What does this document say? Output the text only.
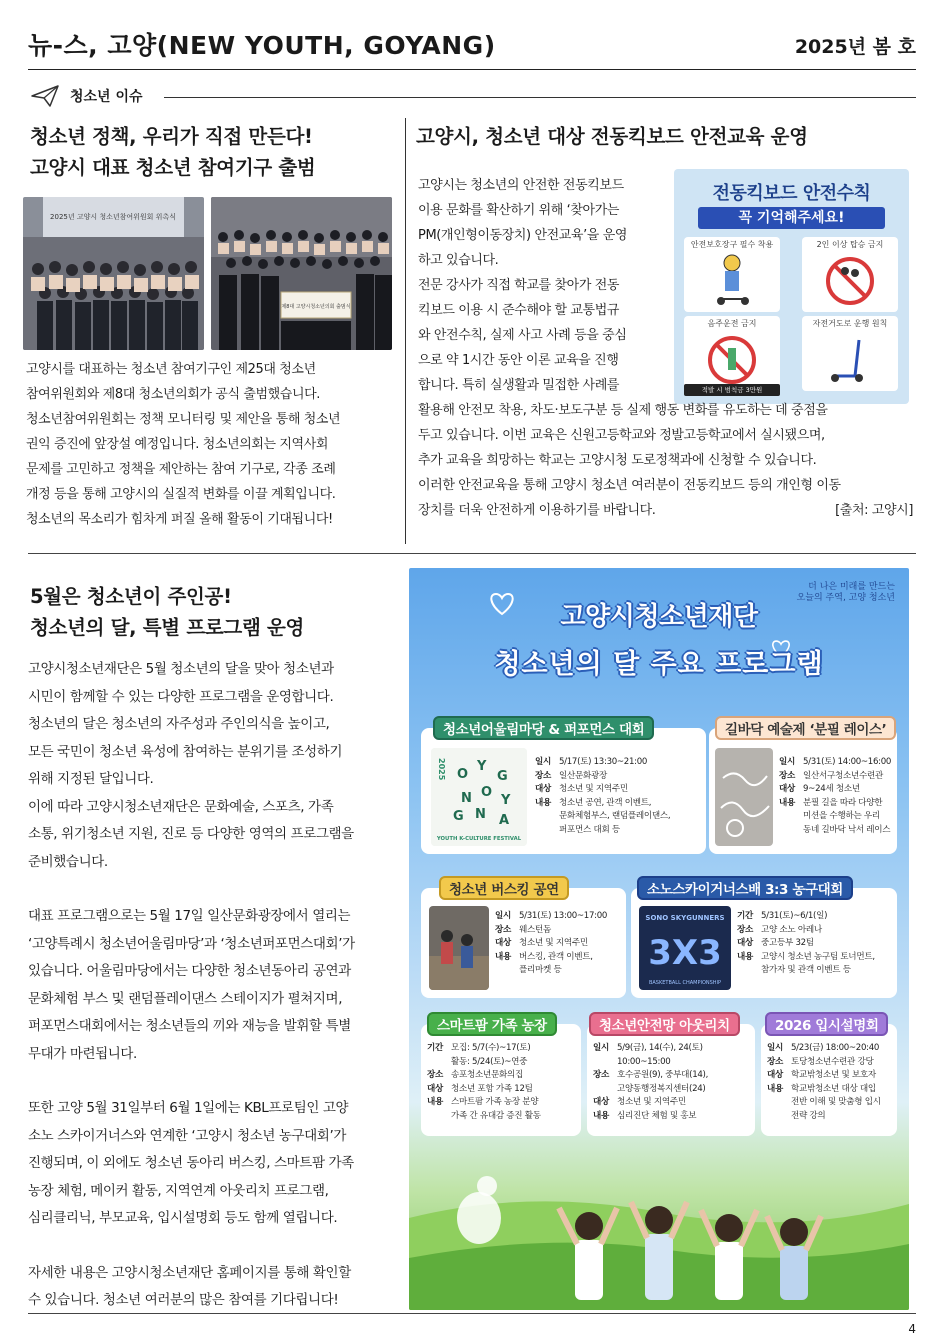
뉴-스, 고양(NEW YOUTH, GOYANG)	2025년 봄 호
청소년 이슈
청소년 정책, 우리가 직접 만든다!
고양시 대표 청소년 참여기구 출범
2025년 고양시 청소년참여위원회 위촉식
제8대 고양시청소년의회 출범식

고양시를 대표하는 청소년 참여기구인 제25대 청소년

참여위원회와 제8대 청소년의회가 공식 출범했습니다.

청소년참여위원회는 정책 모니터링 및 제안을 통해 청소년

권익 증진에 앞장설 예정입니다. 청소년의회는 지역사회

문제를 고민하고 정책을 제안하는 참여 기구로, 각종 조례

개정 등을 통해 고양시의 실질적 변화를 이끌 계획입니다.

청소년의 목소리가 힘차게 퍼질 올해 활동이 기대됩니다!

고양시, 청소년 대상 전동킥보드 안전교육 운영

고양시는 청소년의 안전한 전동킥보드

이용 문화를 확산하기 위해 ‘찾아가는

PM(개인형이동장치) 안전교육’을 운영

하고 있습니다.

전문 강사가 직접 학교를 찾아가 전동

킥보드 이용 시 준수해야 할 교통법규

와 안전수칙, 실제 사고 사례 등을 중심

으로 약 1시간 동안 이론 교육을 진행

합니다. 특히 실생활과 밀접한 사례를

전동킥보드 안전수칙
꼭 기억해주세요!
안전보호장구 필수 착용	2인 이상 탑승 금지
음주운전 금지	자전거도로 운행 원칙
적발 시 범칙금 3만원

활용해 안전모 착용, 차도·보도구분 등 실제 행동 변화를 유도하는 데 중점을

두고 있습니다. 이번 교육은 신원고등학교와 정발고등학교에서 실시됐으며,

추가 교육을 희망하는 학교는 고양시청 도로정책과에 신청할 수 있습니다.

이러한 안전교육을 통해 고양시 청소년 여러분이 전동킥보드 등의 개인형 이동

장치를 더욱 안전하게 이용하기를 바랍니다.	[출처: 고양시]

5월은 청소년이 주인공!
청소년의 달, 특별 프로그램 운영

고양시청소년재단은 5월 청소년의 달을 맞아 청소년과

시민이 함께할 수 있는 다양한 프로그램을 운영합니다.

청소년의 달은 청소년의 자주성과 주인의식을 높이고,

모든 국민이 청소년 육성에 참여하는 분위기를 조성하기

위해 지정된 달입니다.

이에 따라 고양시청소년재단은 문화예술, 스포츠, 가족

소통, 위기청소년 지원, 진로 등 다양한 영역의 프로그램을

준비했습니다.

대표 프로그램으로는 5월 17일 일산문화광장에서 열리는

‘고양특례시 청소년어울림마당’과 ‘청소년퍼포먼스대회’가

있습니다. 어울림마당에서는 다양한 청소년동아리 공연과

문화체험 부스 및 랜덤플레이댄스 스테이지가 펼쳐지며,

퍼포먼스대회에서는 청소년들의 끼와 재능을 발휘할 특별

무대가 마련됩니다.

또한 고양 5월 31일부터 6월 1일에는 KBL프로팀인 고양

소노 스카이거너스와 연계한 ‘고양시 청소년 농구대회’가

진행되며, 이 외에도 청소년 동아리 버스킹, 스마트팜 가족

농장 체험, 메이커 활동, 지역연계 아웃리치 프로그램,

심리클리닉, 부모교육, 입시설명회 등도 함께 열립니다.

자세한 내용은 고양시청소년재단 홈페이지를 통해 확인할

수 있습니다. 청소년 여러분의 많은 참여를 기다립니다!

더 나은 미래를 만드는
오늘의 주역, 고양 청소년
고양시청소년재단
청소년의 달 주요 프로그램
2025 O
Y
G
N O
Y
G N A
YOUTH K-CULTURE FESTIVAL
일시 5/17(토) 13:30~21:00
장소 일산문화광장
대상 청소년 및 지역주민
내용 청소년 공연, 관객 이벤트,
문화체험부스, 랜덤플레이댄스,
퍼포먼스 대회 등
청소년어울림마당 & 퍼포먼스 대회
일시 5/31(토) 14:00~16:00
장소 일산서구청소년수련관
대상 9~24세 청소년
내용 분필 길을 따라 다양한
미션을 수행하는 우리
동네 길바닥 낙서 레이스
길바닥 예술제 ‘분필 레이스’
일시 5/31(토) 13:00~17:00
장소 웨스턴돔
대상 청소년 및 지역주민
내용 버스킹, 관객 이벤트,
플리마켓 등
청소년 버스킹 공연
SONO SKYGUNNERS
3X3
BASKETBALL CHAMPIONSHIP
기간 5/31(토)~6/1(일)
장소 고양 소노 아레나
대상 중고등부 32팀
내용 고양시 청소년 농구팀 토너먼트,
참가자 및 관객 이벤트 등
소노스카이거너스배 3:3 농구대회
기간 모집: 5/7(수)~17(토)
활동: 5/24(토)~연중
장소 송포청소년문화의집
대상 청소년 포함 가족 12팀
내용 스마트팜 가족 농장 분양
가족 간 유대감 증진 활동
스마트팜 가족 농장
일시 5/9(금), 14(수), 24(토)
10:00~15:00
장소 호수공원(9), 중부대(14),
고양동행정복지센터(24)
대상 청소년 및 지역주민
내용 심리진단 체험 및 홍보
청소년안전망 아웃리치
일시 5/23(금) 18:00~20:40
장소 토당청소년수련관 강당
대상 학교밖청소년 및 보호자
내용 학교밖청소년 대상 대입
전반 이해 및 맞춤형 입시
전략 강의
2026 입시설명회
4
